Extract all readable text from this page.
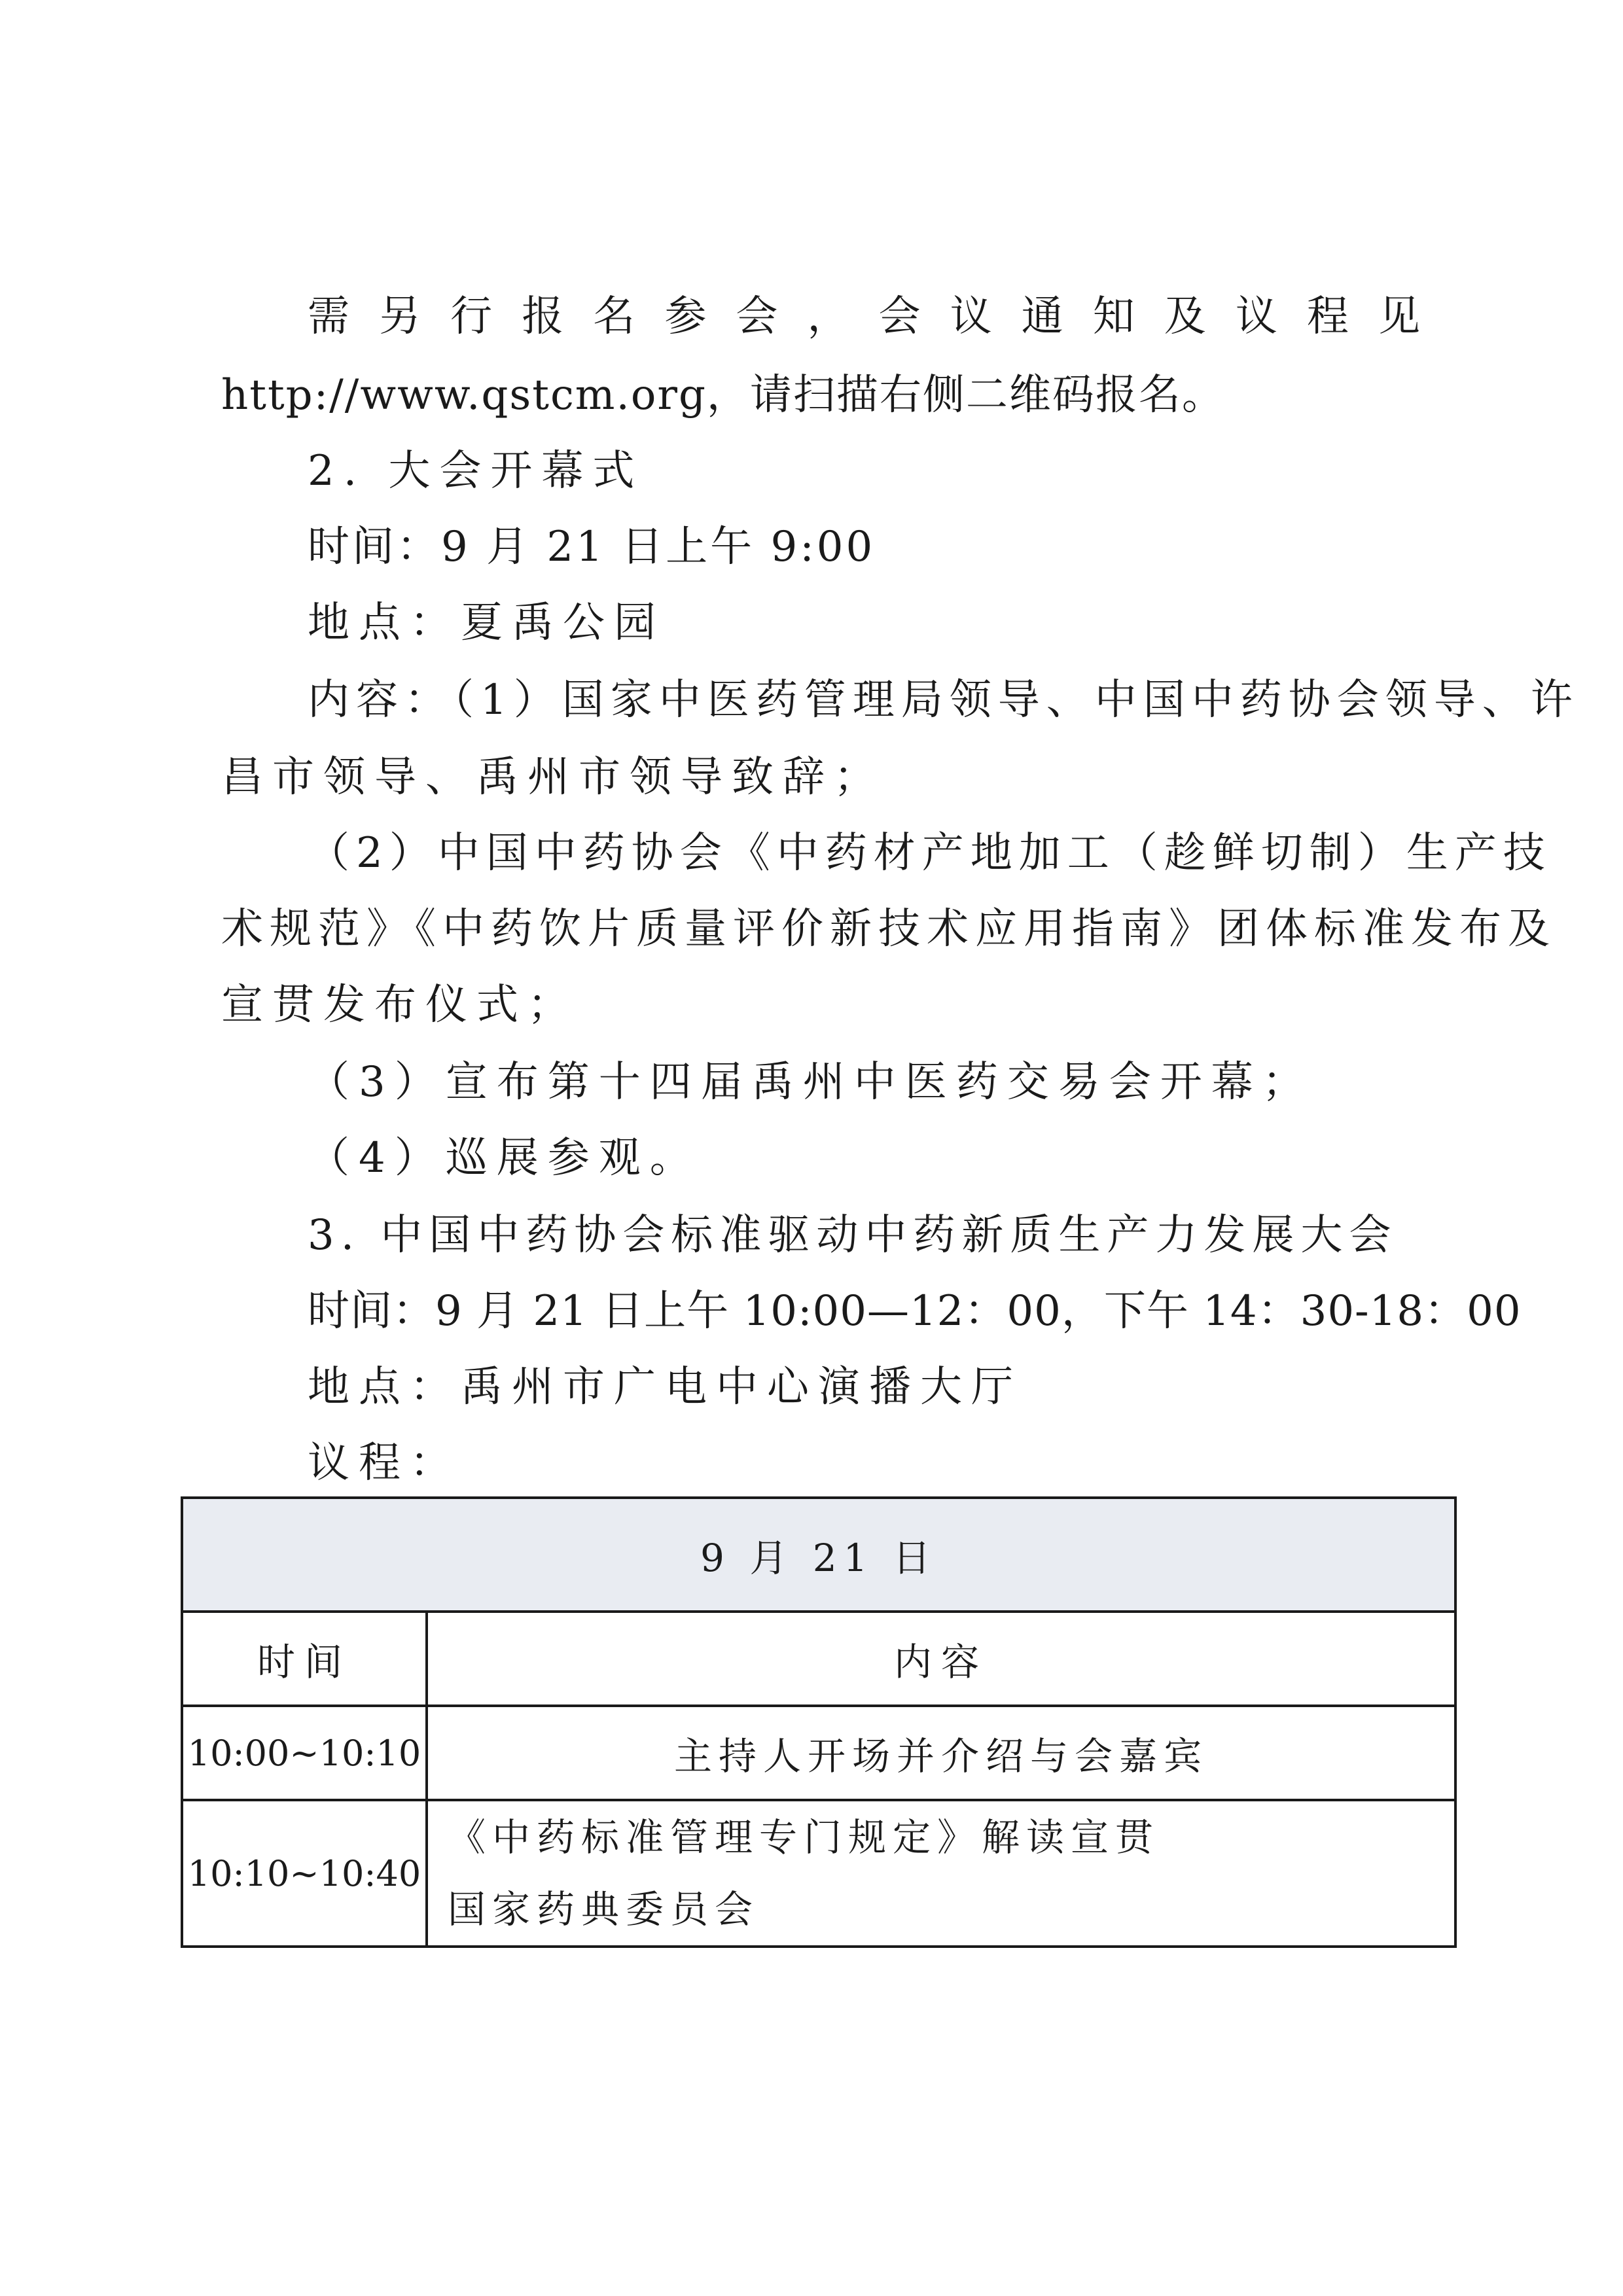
需另行报名参会，会议通知及议程见
http://www.qstcm.org，请扫描右侧二维码报名。
2. 大会开幕式
时间：9 月 21 日上午 9:00
地点：夏禹公园
内容：（1）国家中医药管理局领导、中国中药协会领导、许
昌市领导、禹州市领导致辞；
（2）中国中药协会《中药材产地加工（趁鲜切制）生产技
术规范》《中药饮片质量评价新技术应用指南》团体标准发布及
宣贯发布仪式；
（3）宣布第十四届禹州中医药交易会开幕；
（4）巡展参观。
3. 中国中药协会标准驱动中药新质生产力发展大会
时间：9 月 21 日上午 10:00—12：00，下午 14：30-18：00
地点：禹州市广电中心演播大厅
议程：
9 月 21 日	
时间	内容
10:00~10:10	主持人开场并介绍与会嘉宾
10:10~10:40	《中药标准管理专门规定》解读宣贯
国家药典委员会
